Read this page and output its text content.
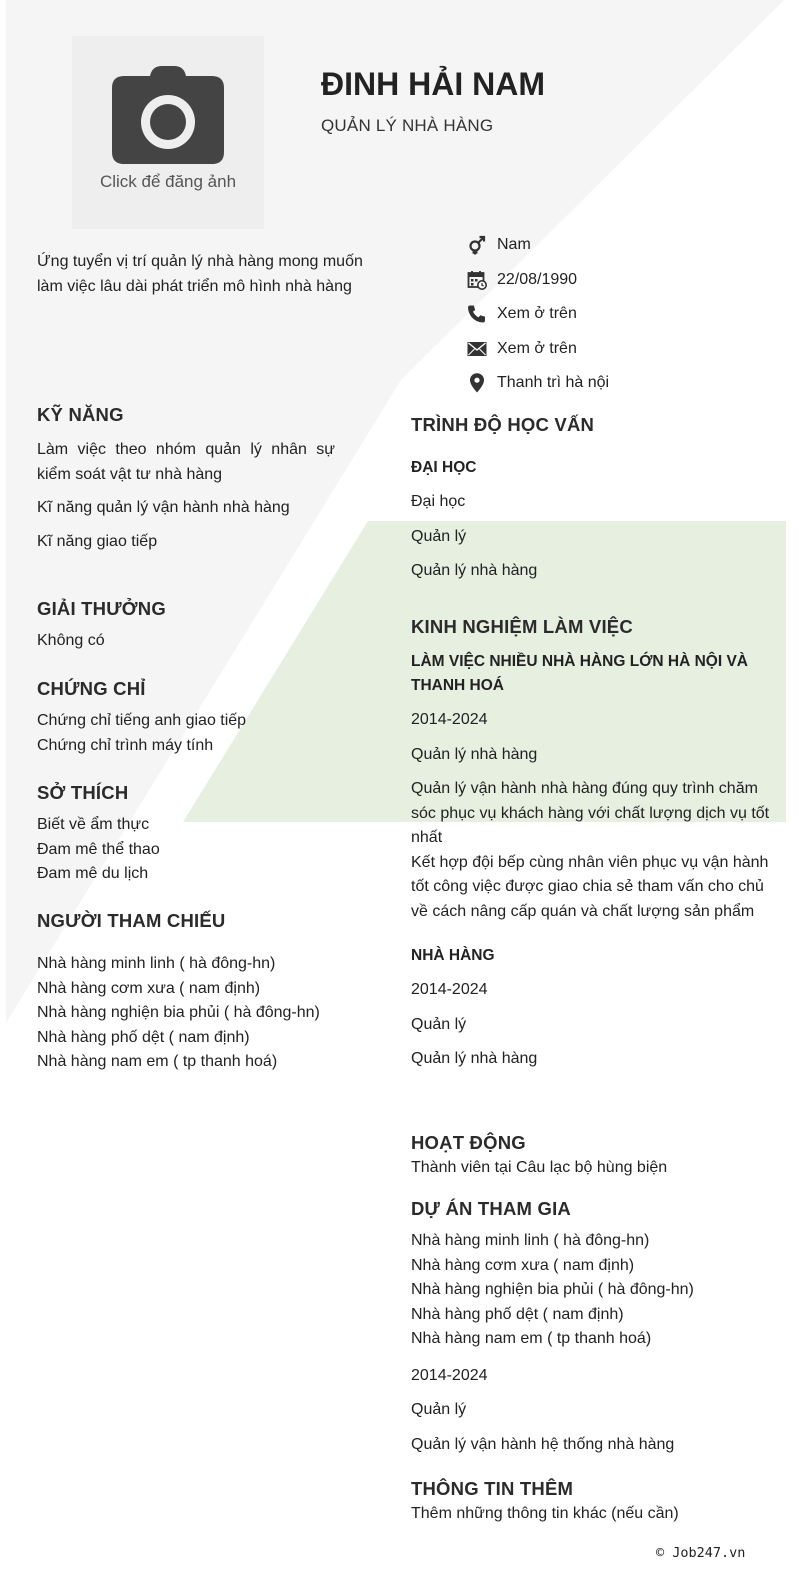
Click để đăng ảnh
ĐINH HẢI NAM
QUẢN LÝ NHÀ HÀNG
Ứng tuyển vị trí quản lý nhà hàng mong muốn làm việc lâu dài phát triển mô hình nhà hàng
Nam
22/08/1990
Xem ở trên
Xem ở trên
Thanh trì hà nội
KỸ NĂNG
Làm việc theo nhóm quản lý nhân sự kiểm soát vật tư nhà hàng
Kĩ năng quản lý vận hành nhà hàng
Kĩ năng giao tiếp
GIẢI THƯỞNG
Không có
CHỨNG CHỈ
Chứng chỉ tiếng anh giao tiếp
Chứng chỉ trình máy tính
SỞ THÍCH
Biết về ẩm thực
Đam mê thể thao
Đam mê du lịch
NGƯỜI THAM CHIẾU
Nhà hàng minh linh ( hà đông-hn)
Nhà hàng cơm xưa ( nam định)
Nhà hàng nghiện bia phủi ( hà đông-hn)
Nhà hàng phố dệt ( nam định)
Nhà hàng nam em ( tp thanh hoá)
TRÌNH ĐỘ HỌC VẤN
ĐẠI HỌC
Đại học
Quản lý
Quản lý nhà hàng
KINH NGHIỆM LÀM VIỆC
LÀM VIỆC NHIỀU NHÀ HÀNG LỚN HÀ NỘI VÀ THANH HOÁ
2014-2024
Quản lý nhà hàng
Quản lý vận hành nhà hàng đúng quy trình chăm sóc phục vụ khách hàng với chất lượng dịch vụ tốt nhất
Kết hợp đội bếp cùng nhân viên phục vụ vận hành tốt công việc được giao chia sẻ tham vấn cho chủ về cách nâng cấp quán và chất lượng sản phẩm
NHÀ HÀNG
2014-2024
Quản lý
Quản lý nhà hàng
HOẠT ĐỘNG
Thành viên tại Câu lạc bộ hùng biện
DỰ ÁN THAM GIA
Nhà hàng minh linh ( hà đông-hn)
Nhà hàng cơm xưa ( nam định)
Nhà hàng nghiện bia phủi ( hà đông-hn)
Nhà hàng phố dệt ( nam định)
Nhà hàng nam em ( tp thanh hoá)
2014-2024
Quản lý
Quản lý vận hành hệ thống nhà hàng
THÔNG TIN THÊM
Thêm những thông tin khác (nếu cần)
© Job247.vn
